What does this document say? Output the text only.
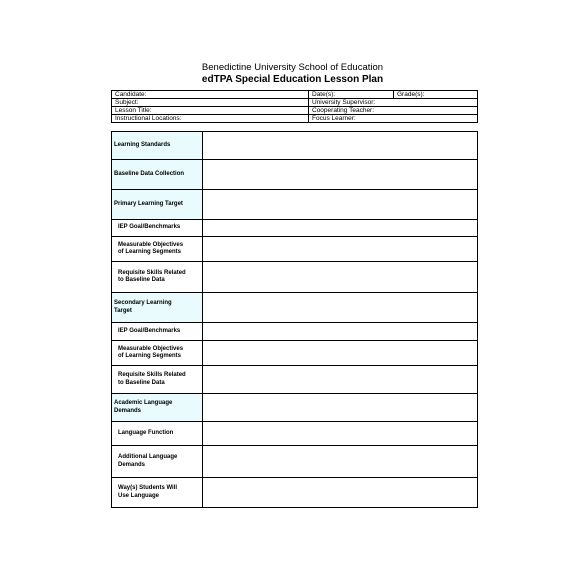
Benedictine University School of Education
edTPA Special Education Lesson Plan
Candidate:	Date(s):	Grade(s):
Subject:	University Supervisor:	
Lesson Title:	Cooperating Teacher:	
Instructional Locations:	Focus Learner:	
Learning Standards	

Baseline Data Collection	

Primary Learning Target	

IEP Goal/Benchmarks	

Measurable Objectives
of Learning Segments	

Requisite Skills Related
to Baseline Data	

Secondary Learning
Target	

IEP Goal/Benchmarks	

Measurable Objectives
of Learning Segments	

Requisite Skills Related
to Baseline Data	

Academic Language
Demands	

Language Function	

Additional Language
Demands	

Way(s) Students Will
Use Language	
